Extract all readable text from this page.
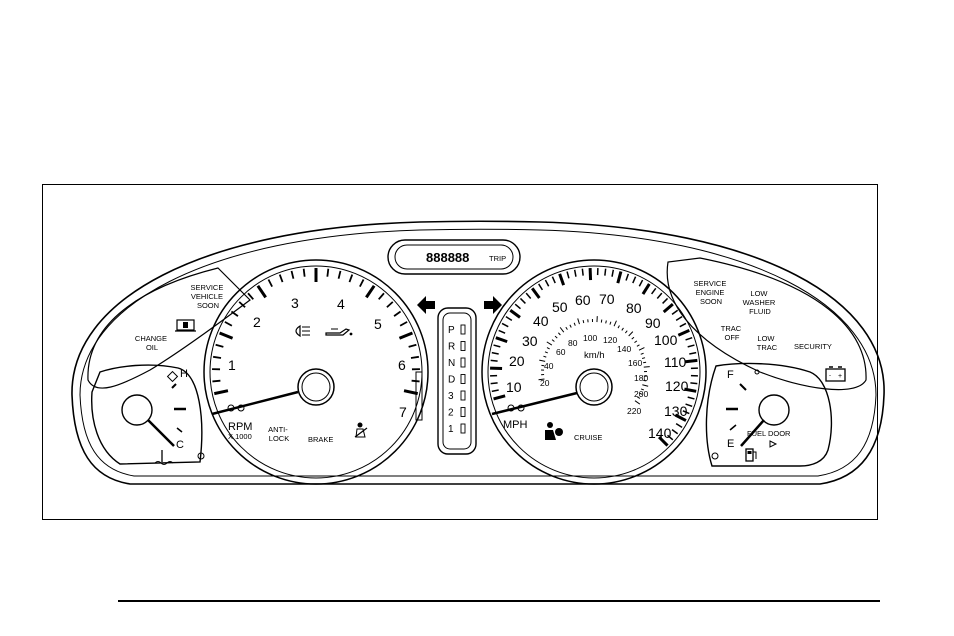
888888	TRIP
SERVICE VEHICLE SOON
CHANGE OIL
H
C
1
2
3	4
5
6
7
RPM
X 1000
ANTI- LOCK	BRAKE
P
R
N
D
3
2
1
10
20
30
40
50 60 70
80
90
100
110
120
130
140
20
40
60
80 100 120
140
160
180
200
220
km/h
MPH
CRUISE
SERVICE ENGINE SOON
LOW WASHER FLUID
TRAC OFF	LOW TRAC SECURITY
- +
F
E
FUEL DOOR
